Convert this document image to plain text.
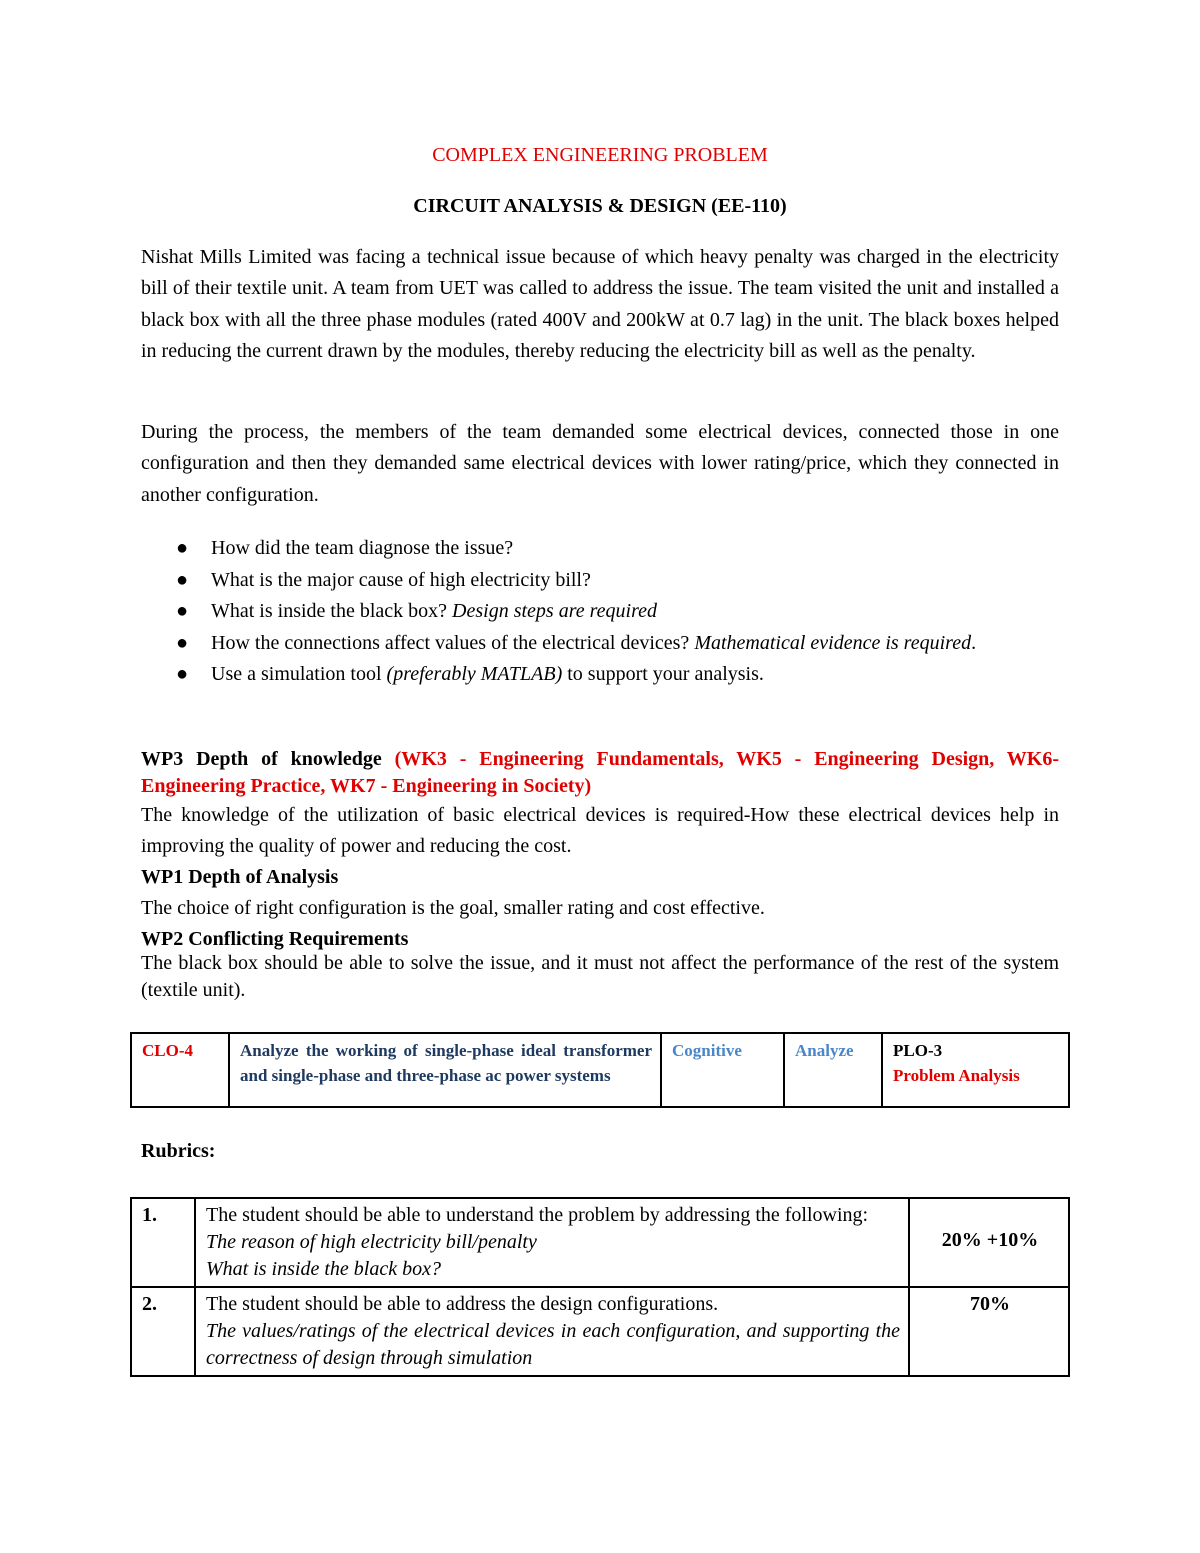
COMPLEX ENGINEERING PROBLEM
CIRCUIT ANALYSIS & DESIGN (EE-110)

Nishat Mills Limited was facing a technical issue because of which heavy penalty was charged in the electricity bill of their textile unit. A team from UET was called to address the issue. The team visited the unit and installed a black box with all the three phase modules (rated 400V and 200kW at 0.7 lag) in the unit. The black boxes helped in reducing the current drawn by the modules, thereby reducing the electricity bill as well as the penalty.

During the process, the members of the team demanded some electrical devices, connected those in one configuration and then they demanded same electrical devices with lower rating/price, which they connected in another configuration.

● How did the team diagnose the issue?
● What is the major cause of high electricity bill?
● What is inside the black box? Design steps are required
● How the connections affect values of the electrical devices? Mathematical evidence is required.
● Use a simulation tool (preferably MATLAB) to support your analysis.

WP3 Depth of knowledge (WK3 - Engineering Fundamentals, WK5 - Engineering Design, WK6-Engineering Practice, WK7 - Engineering in Society)

The knowledge of the utilization of basic electrical devices is required-How these electrical devices help in improving the quality of power and reducing the cost.

WP1 Depth of Analysis

The choice of right configuration is the goal, smaller rating and cost effective.

WP2 Conflicting Requirements

The black box should be able to solve the issue, and it must not affect the performance of the rest of the system (textile unit).

CLO-4	Analyze the working of single-phase ideal transformer and single-phase and three-phase ac power systems	Cognitive	Analyze	PLO-3
Problem Analysis
Rubrics:
1.	The student should be able to understand the problem by addressing the following:
The reason of high electricity bill/penalty
What is inside the black box?	20% +10%
2.	The student should be able to address the design configurations.
The values/ratings of the electrical devices in each configuration, and supporting the correctness of design through simulation	70%
